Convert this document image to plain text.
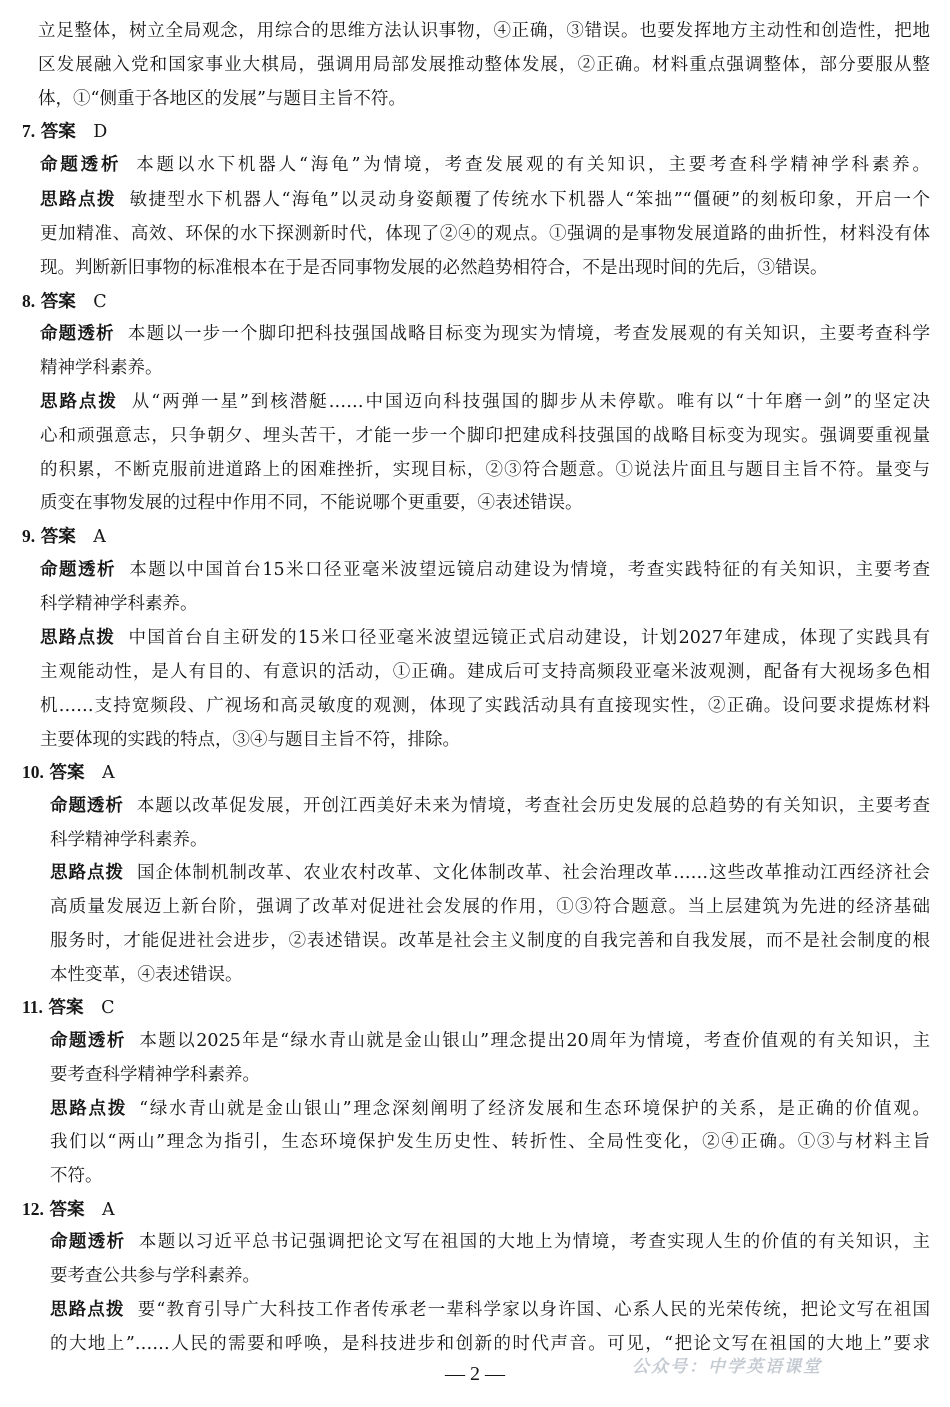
立足整体，树立全局观念，用综合的思维方法认识事物，④正确，③错误。也要发挥地方主动性和创造性，把地
区发展融入党和国家事业大棋局，强调用局部发展推动整体发展，②正确。材料重点强调整体，部分要服从整
体，①“侧重于各地区的发展”与题目主旨不符。
7. 答案 D
命题透析 本题以水下机器人“海龟”为情境，考查发展观的有关知识，主要考查科学精神学科素养。
思路点拨 敏捷型水下机器人“海龟”以灵动身姿颠覆了传统水下机器人“笨拙”“僵硬”的刻板印象，开启一个
更加精准、高效、环保的水下探测新时代，体现了②④的观点。①强调的是事物发展道路的曲折性，材料没有体
现。判断新旧事物的标准根本在于是否同事物发展的必然趋势相符合，不是出现时间的先后，③错误。
8. 答案 C
命题透析 本题以一步一个脚印把科技强国战略目标变为现实为情境，考查发展观的有关知识，主要考查科学
精神学科素养。
思路点拨 从“两弹一星”到核潜艇……中国迈向科技强国的脚步从未停歇。唯有以“十年磨一剑”的坚定决
心和顽强意志，只争朝夕、埋头苦干，才能一步一个脚印把建成科技强国的战略目标变为现实。强调要重视量
的积累，不断克服前进道路上的困难挫折，实现目标，②③符合题意。①说法片面且与题目主旨不符。量变与
质变在事物发展的过程中作用不同，不能说哪个更重要，④表述错误。
9. 答案 A
命题透析 本题以中国首台15米口径亚毫米波望远镜启动建设为情境，考查实践特征的有关知识，主要考查
科学精神学科素养。
思路点拨 中国首台自主研发的15米口径亚毫米波望远镜正式启动建设，计划2027年建成，体现了实践具有
主观能动性，是人有目的、有意识的活动，①正确。建成后可支持高频段亚毫米波观测，配备有大视场多色相
机……支持宽频段、广视场和高灵敏度的观测，体现了实践活动具有直接现实性，②正确。设问要求提炼材料
主要体现的实践的特点，③④与题目主旨不符，排除。
10. 答案 A
命题透析 本题以改革促发展，开创江西美好未来为情境，考查社会历史发展的总趋势的有关知识，主要考查
科学精神学科素养。
思路点拨 国企体制机制改革、农业农村改革、文化体制改革、社会治理改革……这些改革推动江西经济社会
高质量发展迈上新台阶，强调了改革对促进社会发展的作用，①③符合题意。当上层建筑为先进的经济基础
服务时，才能促进社会进步，②表述错误。改革是社会主义制度的自我完善和自我发展，而不是社会制度的根
本性变革，④表述错误。
11. 答案 C
命题透析 本题以2025年是“绿水青山就是金山银山”理念提出20周年为情境，考查价值观的有关知识，主
要考查科学精神学科素养。
思路点拨 “绿水青山就是金山银山”理念深刻阐明了经济发展和生态环境保护的关系，是正确的价值观。
我们以“两山”理念为指引，生态环境保护发生历史性、转折性、全局性变化，②④正确。①③与材料主旨
不符。
12. 答案 A
命题透析 本题以习近平总书记强调把论文写在祖国的大地上为情境，考查实现人生的价值的有关知识，主
要考查公共参与学科素养。
思路点拨 要“教育引导广大科技工作者传承老一辈科学家以身许国、心系人民的光荣传统，把论文写在祖国
的大地上”……人民的需要和呼唤，是科技进步和创新的时代声音。可见，“把论文写在祖国的大地上”要求
— 2 —	公众号：中学英语课堂
